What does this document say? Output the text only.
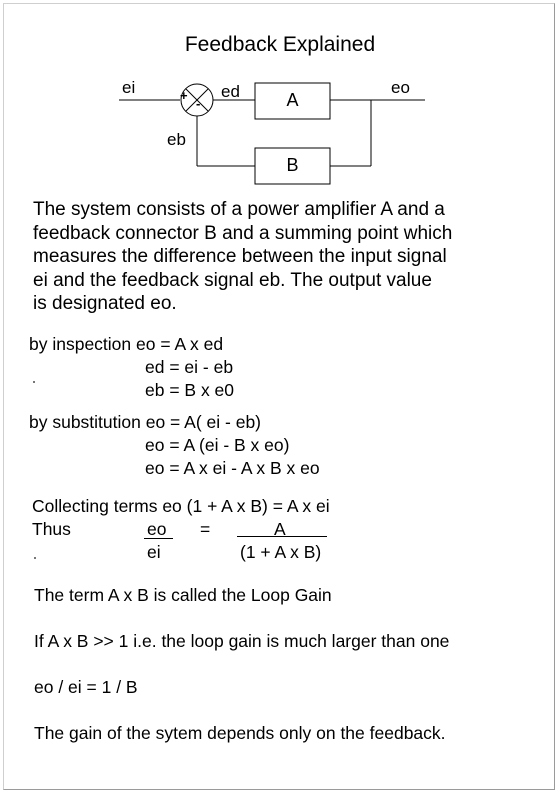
Feedback Explained
ei	ed	eo
eb
+
-	A
B
The system consists of a power amplifier A and a
feedback connector B and a summing point which
measures the difference between the input signal
ei and the feedback signal eb. The output value
is designated eo.
by inspection eo = A x ed
ed = ei - eb
eb = B x e0
by substitution eo = A( ei - eb)
eo = A (ei - B x eo)
eo = A x ei - A x B x eo
Collecting terms eo (1 + A x B) = A x ei
Thus	eo
ei
=	A
(1 + A x B)
The term A x B is called the Loop Gain
If A x B >> 1 i.e. the loop gain is much larger than one
eo / ei = 1 / B
The gain of the sytem depends only on the feedback.
